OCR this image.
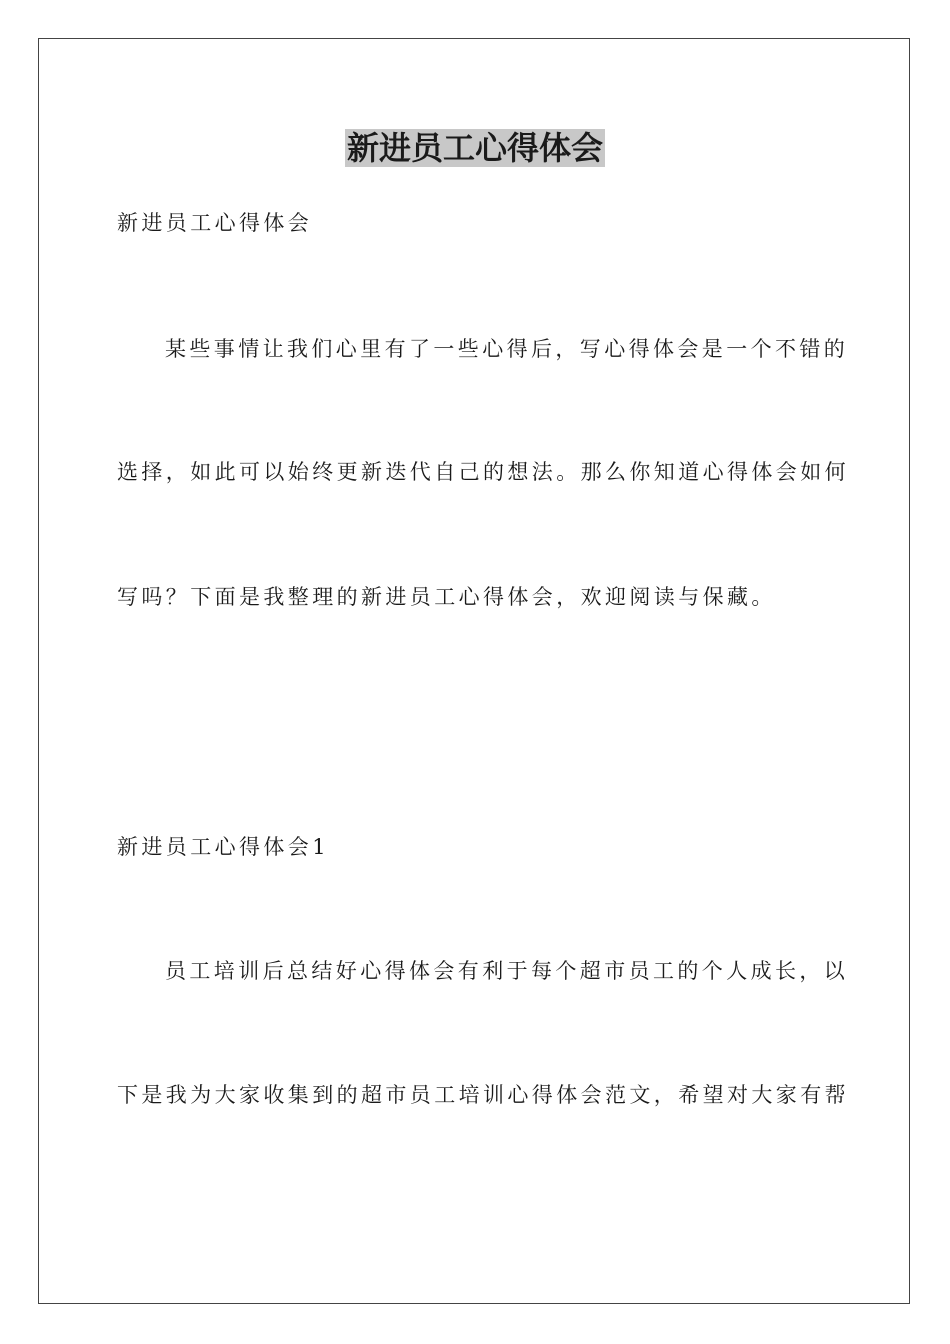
新进员工心得体会
新进员工心得体会
某些事情让我们心里有了一些心得后，写心得体会是一个不错的
选择，如此可以始终更新迭代自己的想法。那么你知道心得体会如何
写吗？下面是我整理的新进员工心得体会，欢迎阅读与保藏。
新进员工心得体会1
员工培训后总结好心得体会有利于每个超市员工的个人成长，以
下是我为大家收集到的超市员工培训心得体会范文，希望对大家有帮
